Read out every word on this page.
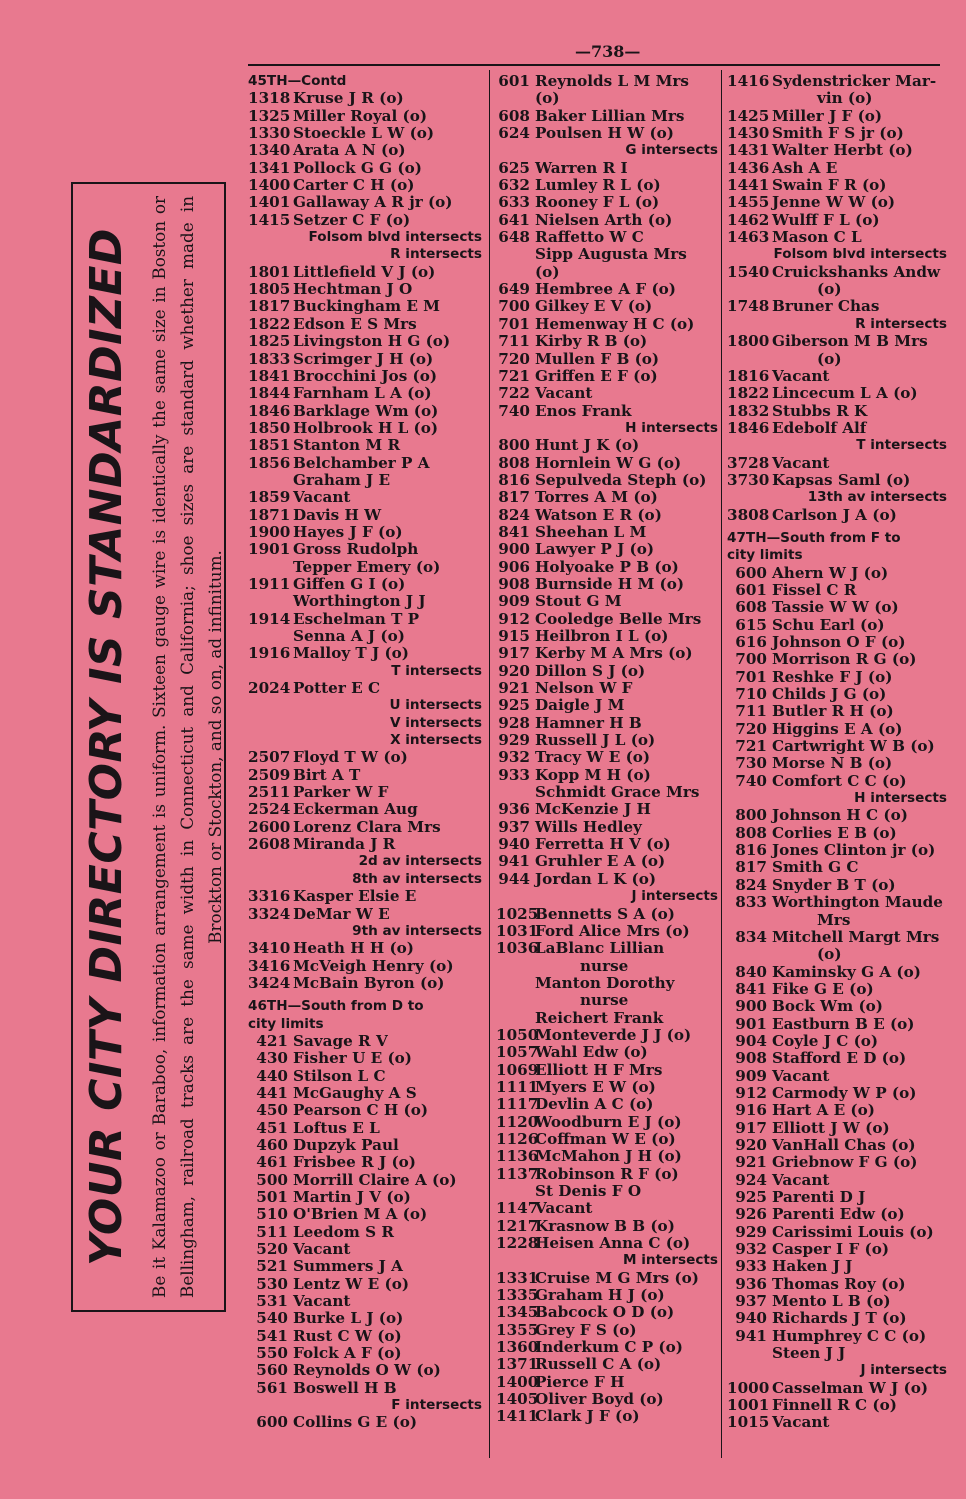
—738—
YOUR CITY DIRECTORY IS STANDARDIZED Be it Kalamazoo or Baraboo, information arrangement is uniform. Sixteen gauge wire is identically the same size in Boston or Bellingham, railroad tracks are the same width in Connecticut and California; shoe sizes are standard whether made in Brockton or Stockton, and so on, ad infinitum.
45TH—Contd
1318 Kruse J R (o)
1325 Miller Royal (o)
1330 Stoeckle L W (o)
1340 Arata A N (o)
1341 Pollock G G (o)
1400 Carter C H (o)
1401 Gallaway A R jr (o)
1415 Setzer C F (o)
Folsom blvd intersects
R intersects
1801 Littlefield V J (o)
1805 Hechtman J O
1817 Buckingham E M
1822 Edson E S Mrs
1825 Livingston H G (o)
1833 Scrimger J H (o)
1841 Brocchini Jos (o)
1844 Farnham L A (o)
1846 Barklage Wm (o)
1850 Holbrook H L (o)
1851 Stanton M R
1856 Belchamber P A
Graham J E
1859 Vacant
1871 Davis H W
1900 Hayes J F (o)
1901 Gross Rudolph
Tepper Emery (o)
1911 Giffen G I (o)
Worthington J J
1914 Eschelman T P
Senna A J (o)
1916 Malloy T J (o)
T intersects
2024 Potter E C
U intersects
V intersects
X intersects
2507 Floyd T W (o)
2509 Birt A T
2511 Parker W F
2524 Eckerman Aug
2600 Lorenz Clara Mrs
2608 Miranda J R
2d av intersects
8th av intersects
3316 Kasper Elsie E
3324 DeMar W E
9th av intersects
3410 Heath H H (o)
3416 McVeigh Henry (o)
3424 McBain Byron (o)
46TH—South from D to
city limits
421 Savage R V
430 Fisher U E (o)
440 Stilson L C
441 McGaughy A S
450 Pearson C H (o)
451 Loftus E L
460 Dupzyk Paul
461 Frisbee R J (o)
500 Morrill Claire A (o)
501 Martin J V (o)
510 O'Brien M A (o)
511 Leedom S R
520 Vacant
521 Summers J A
530 Lentz W E (o)
531 Vacant
540 Burke L J (o)
541 Rust C W (o)
550 Folck A F (o)
560 Reynolds O W (o)
561 Boswell H B
F intersects
600 Collins G E (o)
601 Reynolds L M Mrs
(o)
608 Baker Lillian Mrs
624 Poulsen H W (o)
G intersects
625 Warren R I
632 Lumley R L (o)
633 Rooney F L (o)
641 Nielsen Arth (o)
648 Raffetto W C
Sipp Augusta Mrs
(o)
649 Hembree A F (o)
700 Gilkey E V (o)
701 Hemenway H C (o)
711 Kirby R B (o)
720 Mullen F B (o)
721 Griffen E F (o)
722 Vacant
740 Enos Frank
H intersects
800 Hunt J K (o)
808 Hornlein W G (o)
816 Sepulveda Steph (o)
817 Torres A M (o)
824 Watson E R (o)
841 Sheehan L M
900 Lawyer P J (o)
906 Holyoake P B (o)
908 Burnside H M (o)
909 Stout G M
912 Cooledge Belle Mrs
915 Heilbron I L (o)
917 Kerby M A Mrs (o)
920 Dillon S J (o)
921 Nelson W F
925 Daigle J M
928 Hamner H B
929 Russell J L (o)
932 Tracy W E (o)
933 Kopp M H (o)
Schmidt Grace Mrs
936 McKenzie J H
937 Wills Hedley
940 Ferretta H V (o)
941 Gruhler E A (o)
944 Jordan L K (o)
J intersects
1025Bennetts S A (o)
1031Ford Alice Mrs (o)
1036LaBlanc Lillian
nurse
Manton Dorothy
nurse
Reichert Frank
1050Monteverde J J (o)
1057Wahl Edw (o)
1069Elliott H F Mrs
1111Myers E W (o)
1117Devlin A C (o)
1120Woodburn E J (o)
1126Coffman W E (o)
1136McMahon J H (o)
1137Robinson R F (o)
St Denis F O
1147Vacant
1217Krasnow B B (o)
1228Heisen Anna C (o)
M intersects
1331Cruise M G Mrs (o)
1335Graham H J (o)
1345Babcock O D (o)
1355Grey F S (o)
1360Inderkum C P (o)
1371Russell C A (o)
1400Pierce F H
1405Oliver Boyd (o)
1411Clark J F (o)
1416 Sydenstricker Mar-
vin (o)
1425 Miller J F (o)
1430 Smith F S jr (o)
1431 Walter Herbt (o)
1436 Ash A E
1441 Swain F R (o)
1455 Jenne W W (o)
1462 Wulff F L (o)
1463 Mason C L
Folsom blvd intersects
1540 Cruickshanks Andw
(o)
1748 Bruner Chas
R intersects
1800 Giberson M B Mrs
(o)
1816 Vacant
1822 Lincecum L A (o)
1832 Stubbs R K
1846 Edebolf Alf
T intersects
3728 Vacant
3730 Kapsas Saml (o)
13th av intersects
3808 Carlson J A (o)
47TH—South from F to
city limits
600 Ahern W J (o)
601 Fissel C R
608 Tassie W W (o)
615 Schu Earl (o)
616 Johnson O F (o)
700 Morrison R G (o)
701 Reshke F J (o)
710 Childs J G (o)
711 Butler R H (o)
720 Higgins E A (o)
721 Cartwright W B (o)
730 Morse N B (o)
740 Comfort C C (o)
H intersects
800 Johnson H C (o)
808 Corlies E B (o)
816 Jones Clinton jr (o)
817 Smith G C
824 Snyder B T (o)
833 Worthington Maude
Mrs
834 Mitchell Margt Mrs
(o)
840 Kaminsky G A (o)
841 Fike G E (o)
900 Bock Wm (o)
901 Eastburn B E (o)
904 Coyle J C (o)
908 Stafford E D (o)
909 Vacant
912 Carmody W P (o)
916 Hart A E (o)
917 Elliott J W (o)
920 VanHall Chas (o)
921 Griebnow F G (o)
924 Vacant
925 Parenti D J
926 Parenti Edw (o)
929 Carissimi Louis (o)
932 Casper I F (o)
933 Haken J J
936 Thomas Roy (o)
937 Mento L B (o)
940 Richards J T (o)
941 Humphrey C C (o)
Steen J J
J intersects
1000 Casselman W J (o)
1001 Finnell R C (o)
1015 Vacant
